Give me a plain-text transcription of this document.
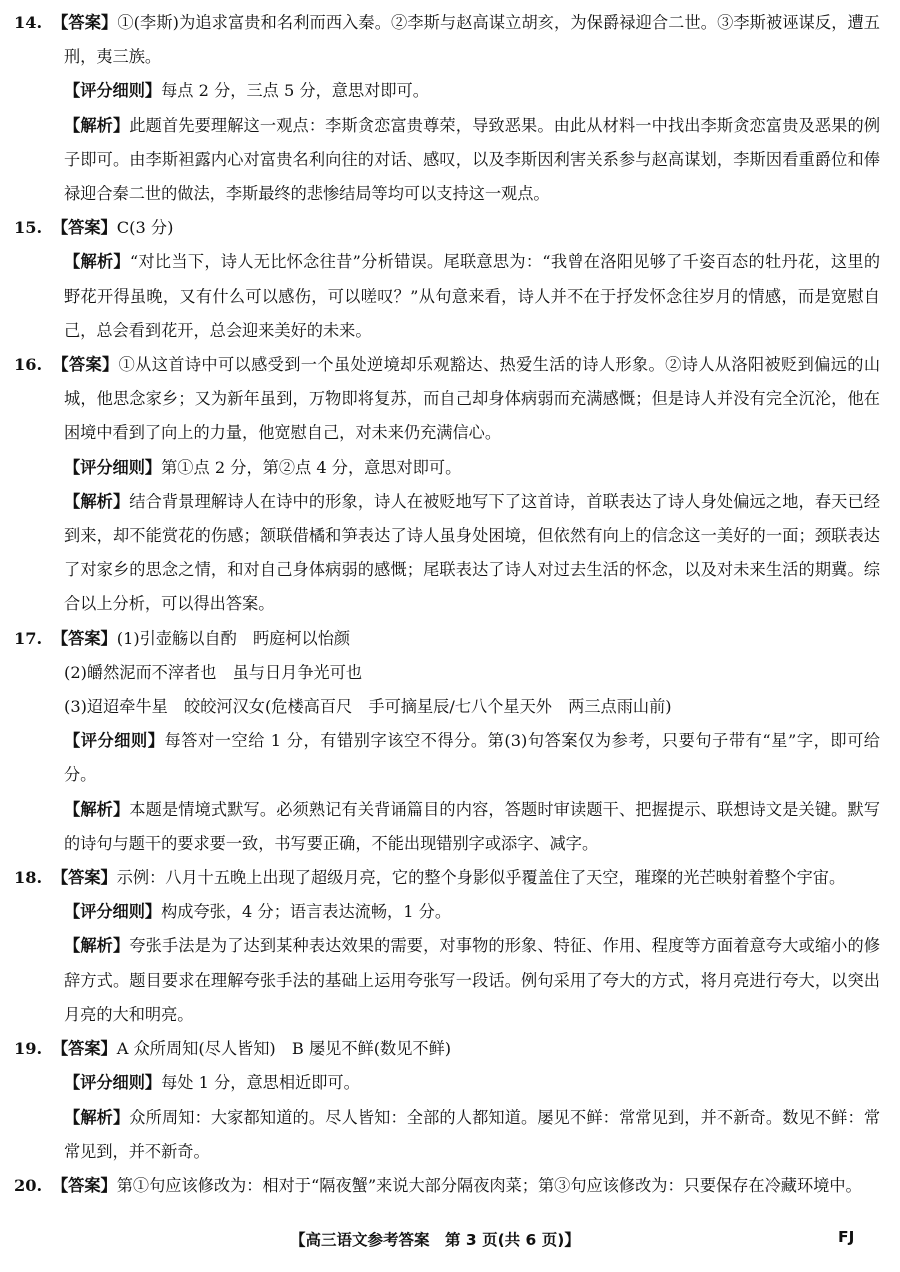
14. 【答案】①(李斯)为追求富贵和名利而西入秦。②李斯与赵高谋立胡亥，为保爵禄迎合二世。③李斯被诬谋反，遭五刑，夷三族。

【评分细则】每点 2 分，三点 5 分，意思对即可。

【解析】此题首先要理解这一观点：李斯贪恋富贵尊荣，导致恶果。由此从材料一中找出李斯贪恋富贵及恶果的例子即可。由李斯袒露内心对富贵名利向往的对话、感叹，以及李斯因利害关系参与赵高谋划，李斯因看重爵位和俸禄迎合秦二世的做法，李斯最终的悲惨结局等均可以支持这一观点。

15. 【答案】C(3 分)

【解析】“对比当下，诗人无比怀念往昔”分析错误。尾联意思为：“我曾在洛阳见够了千姿百态的牡丹花，这里的野花开得虽晚，又有什么可以感伤，可以嗟叹？”从句意来看，诗人并不在于抒发怀念往岁月的情感，而是宽慰自己，总会看到花开，总会迎来美好的未来。

16. 【答案】①从这首诗中可以感受到一个虽处逆境却乐观豁达、热爱生活的诗人形象。②诗人从洛阳被贬到偏远的山城，他思念家乡；又为新年虽到，万物即将复苏，而自己却身体病弱而充满感慨；但是诗人并没有完全沉沦，他在困境中看到了向上的力量，他宽慰自己，对未来仍充满信心。

【评分细则】第①点 2 分，第②点 4 分，意思对即可。

【解析】结合背景理解诗人在诗中的形象，诗人在被贬地写下了这首诗，首联表达了诗人身处偏远之地，春天已经到来，却不能赏花的伤感；颔联借橘和笋表达了诗人虽身处困境，但依然有向上的信念这一美好的一面；颈联表达了对家乡的思念之情，和对自己身体病弱的感慨；尾联表达了诗人对过去生活的怀念，以及对未来生活的期冀。综合以上分析，可以得出答案。

17. 【答案】(1)引壶觞以自酌　眄庭柯以怡颜

(2)皭然泥而不滓者也　虽与日月争光可也

(3)迢迢牵牛星　皎皎河汉女(危楼高百尺　手可摘星辰/七八个星天外　两三点雨山前)

【评分细则】每答对一空给 1 分，有错别字该空不得分。第(3)句答案仅为参考，只要句子带有“星”字，即可给分。

【解析】本题是情境式默写。必须熟记有关背诵篇目的内容，答题时审读题干、把握提示、联想诗文是关键。默写的诗句与题干的要求要一致，书写要正确，不能出现错别字或添字、减字。

18. 【答案】示例：八月十五晚上出现了超级月亮，它的整个身影似乎覆盖住了天空，璀璨的光芒映射着整个宇宙。

【评分细则】构成夸张，4 分；语言表达流畅，1 分。

【解析】夸张手法是为了达到某种表达效果的需要，对事物的形象、特征、作用、程度等方面着意夸大或缩小的修辞方式。题目要求在理解夸张手法的基础上运用夸张写一段话。例句采用了夸大的方式，将月亮进行夸大，以突出月亮的大和明亮。

19. 【答案】A 众所周知(尽人皆知)　B 屡见不鲜(数见不鲜)

【评分细则】每处 1 分，意思相近即可。

【解析】众所周知：大家都知道的。尽人皆知：全部的人都知道。屡见不鲜：常常见到，并不新奇。数见不鲜：常常见到，并不新奇。

20. 【答案】第①句应该修改为：相对于“隔夜蟹”来说大部分隔夜肉菜；第③句应该修改为：只要保存在冷藏环境中。

【高三语文参考答案　第 3 页(共 6 页)】	FJ
